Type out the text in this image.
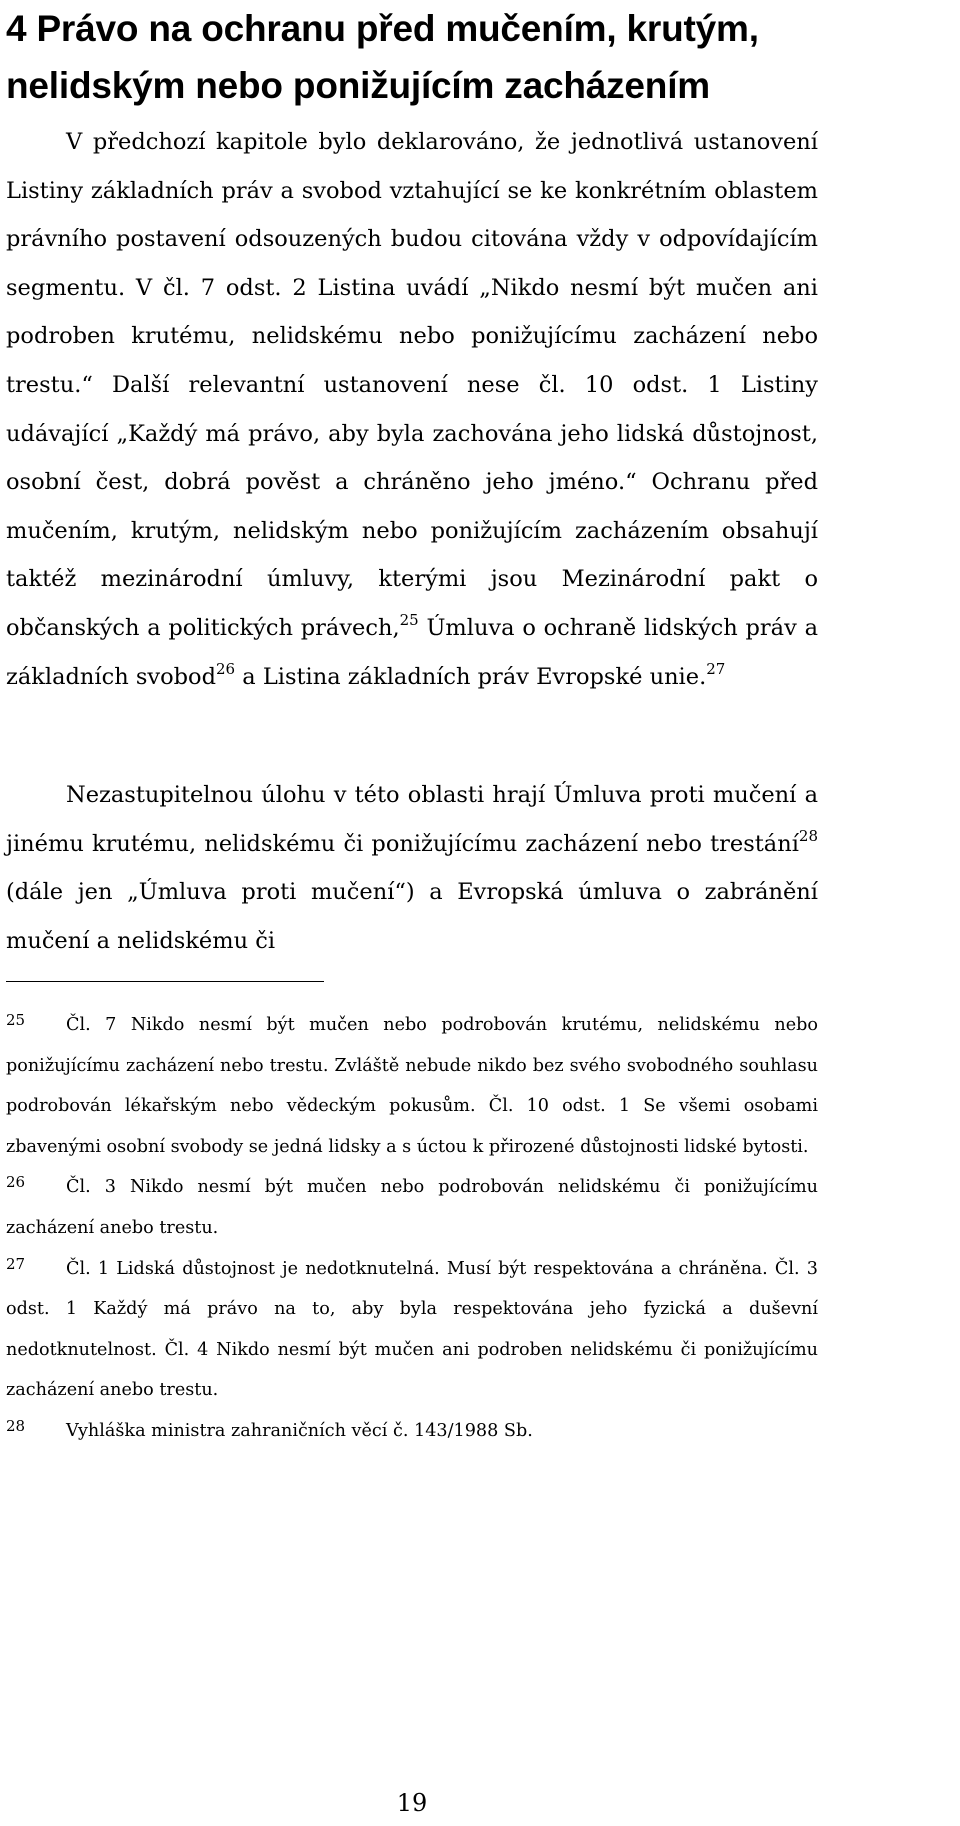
4 Právo na ochranu před mučením, krutým,
nelidským nebo ponižujícím zacházením

V předchozí kapitole bylo deklarováno, že jednotlivá ustanovení Listiny základních práv a svobod vztahující se ke konkrétním oblastem právního postavení odsouzených budou citována vždy v odpovídajícím segmentu. V čl. 7 odst. 2 Listina uvádí „Nikdo nesmí být mučen ani podroben krutému, nelidskému nebo ponižujícímu zacházení nebo trestu.“ Další relevantní ustanovení nese čl. 10 odst. 1 Listiny udávající „Každý má právo, aby byla zachována jeho lidská důstojnost, osobní čest, dobrá pověst a chráněno jeho jméno.“ Ochranu před mučením, krutým, nelidským nebo ponižujícím zacházením obsahují taktéž mezinárodní úmluvy, kterými jsou Mezinárodní pakt o občanských a politických právech,$^{25}$ Úmluva o ochraně lidských práv a základních svobod$^{26}$ a Listina základních práv Evropské unie.$^{27}$

Nezastupitelnou úlohu v této oblasti hrají Úmluva proti mučení a jinému krutému, nelidskému či ponižujícímu zacházení nebo trestání$^{28}$ (dále jen „Úmluva proti mučení“) a Evropská úmluva o zabránění mučení a nelidskému či

25 Čl. 7 Nikdo nesmí být mučen nebo podrobován krutému, nelidskému nebo ponižujícímu zacházení nebo trestu. Zvláště nebude nikdo bez svého svobodného souhlasu podrobován lékařským nebo vědeckým pokusům. Čl. 10 odst. 1 Se všemi osobami zbavenými osobní svobody se jedná lidsky a s úctou k přirozené důstojnosti lidské bytosti.

26 Čl. 3 Nikdo nesmí být mučen nebo podrobován nelidskému či ponižujícímu zacházení anebo trestu.

27 Čl. 1 Lidská důstojnost je nedotknutelná. Musí být respektována a chráněna. Čl. 3 odst. 1 Každý má právo na to, aby byla respektována jeho fyzická a duševní nedotknutelnost. Čl. 4 Nikdo nesmí být mučen ani podroben nelidskému či ponižujícímu zacházení anebo trestu.

28 Vyhláška ministra zahraničních věcí č. 143/1988 Sb.

19
